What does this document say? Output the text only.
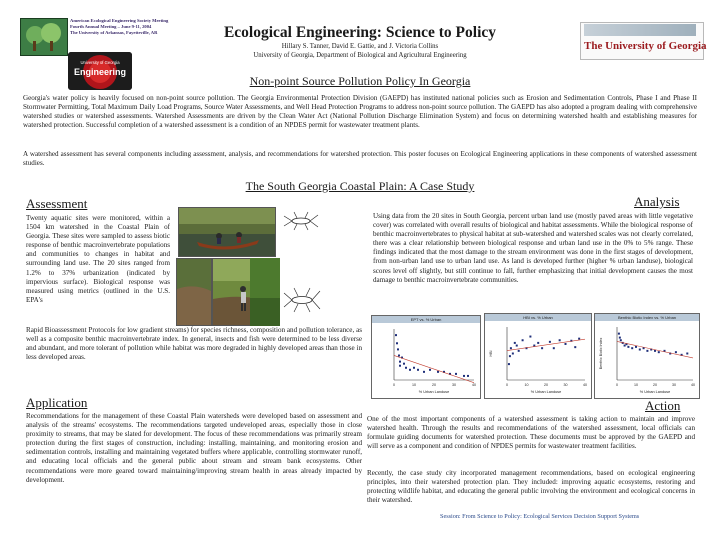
American Ecological Engineering Society Meeting
Fourth Annual Meeting – June 9-11, 2004
The University of Arkansas, Fayetteville, AR
University of Georgia
Engineering
The University of Georgia
Ecological Engineering: Science to Policy
Hillary S. Tanner, David E. Gattie, and J. Victoria Collins
University of Georgia, Department of Biological and Agricultural Engineering
Non-point Source Pollution Policy In Georgia
Georgia's water policy is heavily focused on non-point source pollution. The Georgia Environmental Protection Division (GAEPD) has instituted national policies such as Erosion and Sedimentation Controls, Phase I and Phase II Stormwater Permitting, Total Maximum Daily Load Programs, Source Water Assessments, and Well Head Protection Programs to address non-point source pollution. The GAEPD has also adopted a program dealing with comprehensive watershed studies or watershed assessments. Watershed Assessments are driven by the Clean Water Act (National Pollution Discharge Elimination System) and focus on determining watershed health and establishing measures for watershed protection. Successful completion of a watershed assessment is a condition of an NPDES permit for wastewater treatment plants.
A watershed assessment has several components including assessment, analysis, and recommendations for watershed protection. This poster focuses on Ecological Engineering applications in these components of watershed assessment studies.
The South Georgia Coastal Plain: A Case Study
Assessment
Twenty aquatic sites were monitored, within a 1504 km watershed in the Coastal Plain of Georgia. These sites were sampled to assess biotic response of benthic macroinvertebrate populations and communities to changes in habitat and surrounding land use. The 20 sites ranged from 1.2% to 37% urbanization (indicated by impervious surface). Biological response was measured using metrics (outlined in the U.S. EPA's
Rapid Bioassessment Protocols for low gradient streams) for species richness, composition and pollution tolerance, as well as a composite benthic macroinvertebrate index. In general, insects and fish were determined to be less diverse and abundant, and more tolerant of pollution while habitat was more degraded in highly developed areas than those in less developed areas.
Analysis
Using data from the 20 sites in South Georgia, percent urban land use (mostly paved areas with little vegetative cover) was correlated with overall results of biological and habitat assessments. While the biological response of benthic macroinvertebrates to physical habitat at sub-watershed and watershed scales was not clearly correlated, there was a clear relationship between biological response and urban land use in the 0% to 5% range. These findings indicated that the most damage to the stream environment was done in the first stages of development, from non-urban land use to urban land use. As land is developed further (higher % urban landuse), biological scores level off slightly, but still continue to fall, further emphasizing that initial development causes the most damage to benthic macroinvertebrate communities.
EPT vs. % Urban
0	10	20	30	40
% Urban Landuse
HBI vs. % Urban
0	10	20	30	40
% Urban Landuse
HBI
Benthic Biotic Index vs. % Urban
0	10	20	30	40
% Urban Landuse
Benthic Biotic Index
Application
Recommendations for the management of these Coastal Plain watersheds were developed based on assessment and analysis of the streams' ecosystems. The recommendations targeted undeveloped areas, especially those in close proximity to streams, that may be slated for development. The focus of these recommendations was primarily stream protection during the first stages of construction, including: installing, maintaining, and monitoring erosion and sedimentation controls, installing and maintaining vegetated buffers where applicable, controlling stormwater runoff, and educating local officials and the general public about stream and stream bank ecosystems. Other recommendations were more geared toward maintaining/improving stream health in areas already impacted by development.
Action
One of the most important components of a watershed assessment is taking action to maintain and improve watershed health. Through the results and recommendations of the watershed assessment, local officials can formulate guiding documents for watershed protection. These documents must be approved by the GAEPD and will serve as a component and condition of NPDES permits for wastewater treatment facilities.
Recently, the case study city incorporated management recommendations, based on ecological engineering principles, into their watershed protection plan. They included: improving aquatic ecosystems, restoring and protecting wildlife habitat, and educating the general public involving the environment and ecological concerns in their watershed.
Session: From Science to Policy: Ecological Services Decision Support Systems
